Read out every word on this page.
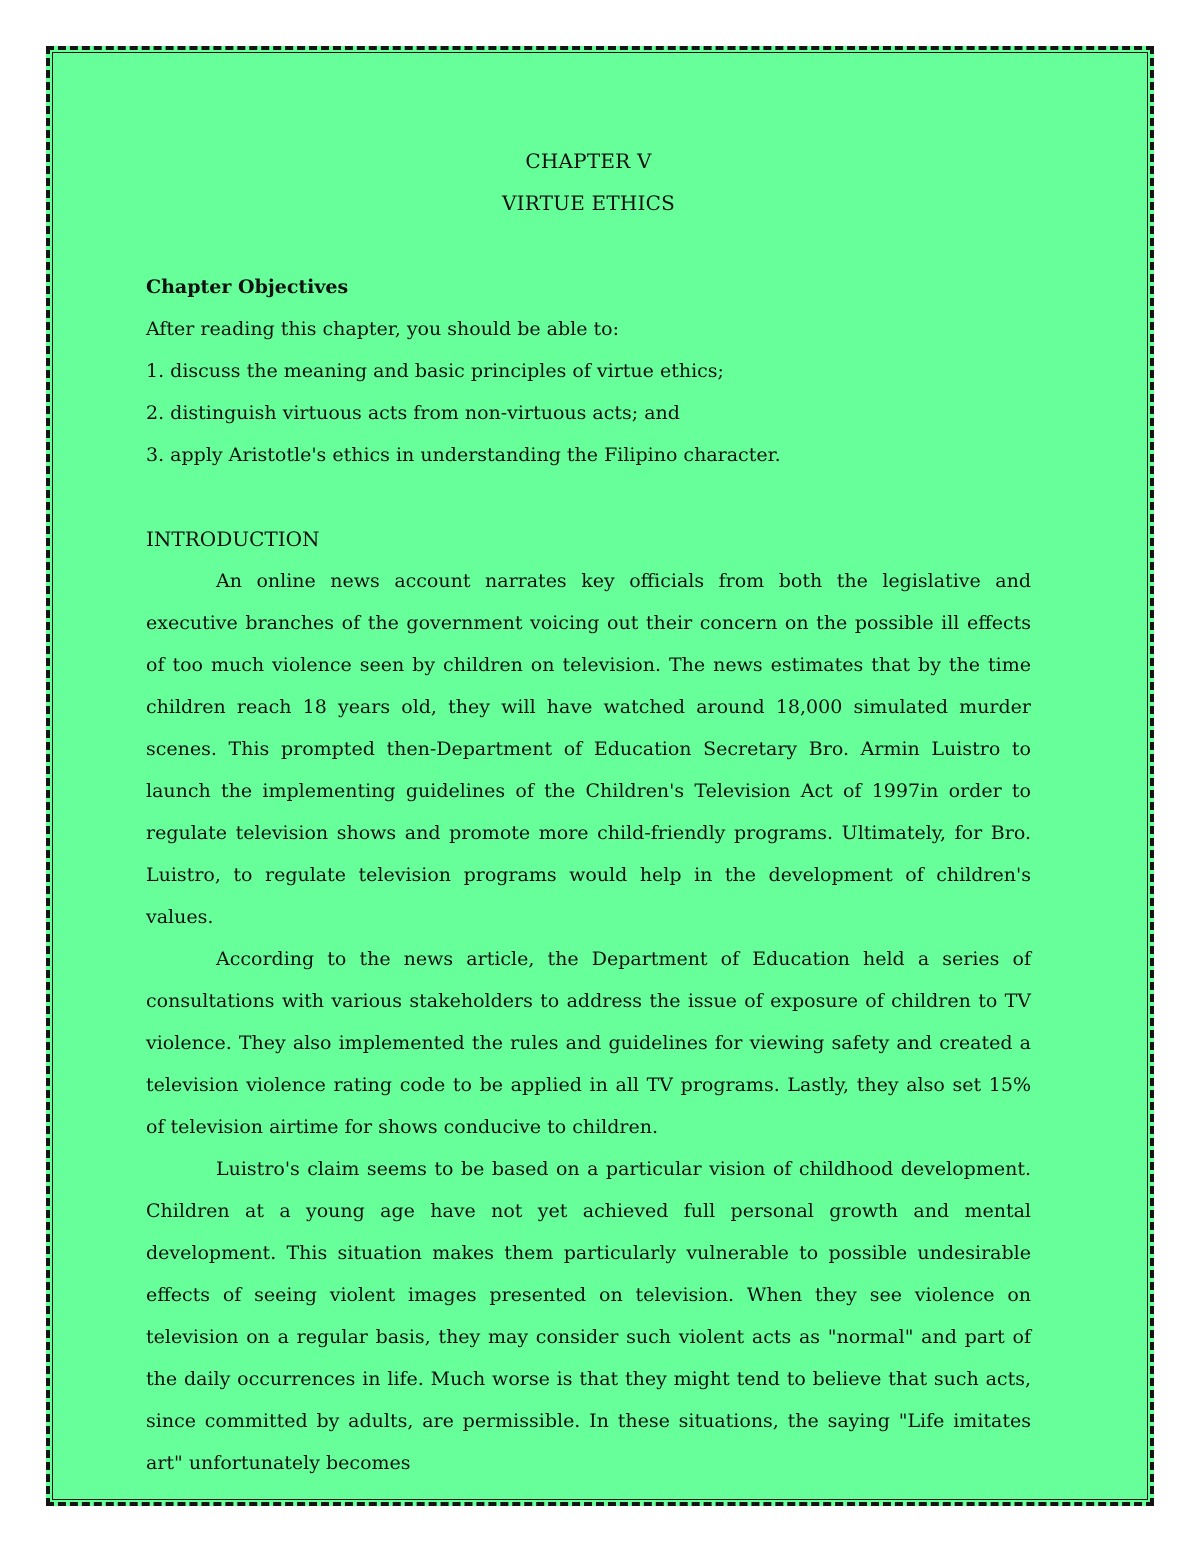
CHAPTER V
VIRTUE ETHICS
Chapter Objectives
After reading this chapter, you should be able to:
1. discuss the meaning and basic principles of virtue ethics;
2. distinguish virtuous acts from non-virtuous acts; and
3. apply Aristotle's ethics in understanding the Filipino character.
INTRODUCTION

An online news account narrates key officials from both the legislative and executive branches of the government voicing out their concern on the possible ill effects of too much violence seen by children on television. The news estimates that by the time children reach 18 years old, they will have watched around 18,000 simulated murder scenes. This prompted then-Department of Education Secretary Bro. Armin Luistro to launch the implementing guidelines of the Children's Television Act of 1997in order to regulate television shows and promote more child-friendly programs. Ultimately, for Bro. Luistro, to regulate television programs would help in the development of children's values.

According to the news article, the Department of Education held a series of consultations with various stakeholders to address the issue of exposure of children to TV violence. They also implemented the rules and guidelines for viewing safety and created a television violence rating code to be applied in all TV programs. Lastly, they also set 15% of television airtime for shows conducive to children.

Luistro's claim seems to be based on a particular vision of childhood development. Children at a young age have not yet achieved full personal growth and mental development. This situation makes them particularly vulnerable to possible undesirable effects of seeing violent images presented on television. When they see violence on television on a regular basis, they may consider such violent acts as "normal" and part of the daily occurrences in life. Much worse is that they might tend to believe that such acts, since committed by adults, are permissible. In these situations, the saying "Life imitates art" unfortunately becomes
